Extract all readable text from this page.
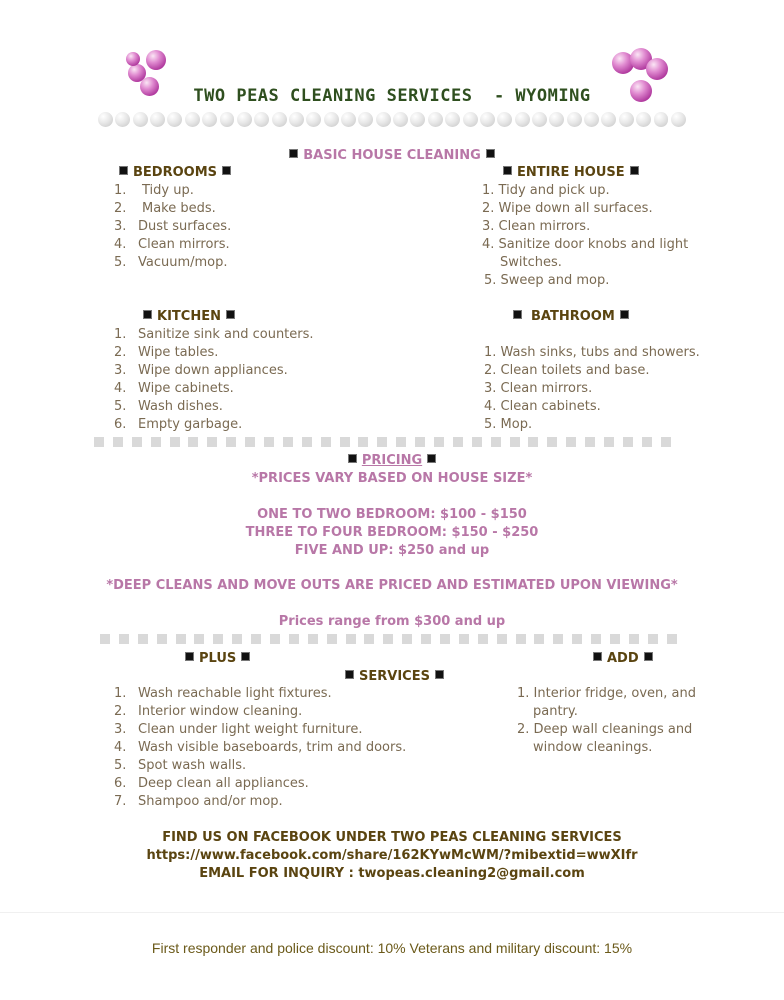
TWO PEAS CLEANING SERVICES  - WYOMING
BASIC HOUSE CLEANING
BEDROOMS
1. Tidy up.
2. Make beds.
3. Dust surfaces.
4. Clean mirrors.
5. Vacuum/mop.
ENTIRE HOUSE
1. Tidy and pick up.
2. Wipe down all surfaces.
3. Clean mirrors.
4. Sanitize door knobs and light
Switches.
5. Sweep and mop.
KITCHEN
1. Sanitize sink and counters.
2. Wipe tables.
3. Wipe down appliances.
4. Wipe cabinets.
5. Wash dishes.
6. Empty garbage.
BATHROOM
1. Wash sinks, tubs and showers.
2. Clean toilets and base.
3. Clean mirrors.
4. Clean cabinets.
5. Mop.
PRICING
*PRICES VARY BASED ON HOUSE SIZE*
ONE TO TWO BEDROOM: $100 - $150
THREE TO FOUR BEDROOM: $150 - $250
FIVE AND UP: $250 and up
*DEEP CLEANS AND MOVE OUTS ARE PRICED AND ESTIMATED UPON VIEWING*
Prices range from $300 and up
PLUS	ADD
SERVICES
1. Wash reachable light fixtures.
2. Interior window cleaning.
3. Clean under light weight furniture.
4. Wash visible baseboards, trim and doors.
5. Spot wash walls.
6. Deep clean all appliances.
7. Shampoo and/or mop.
1. Interior fridge, oven, and
pantry.
2. Deep wall cleanings and
window cleanings.
FIND US ON FACEBOOK UNDER TWO PEAS CLEANING SERVICES
https://www.facebook.com/share/162KYwMcWM/?mibextid=wwXIfr
EMAIL FOR INQUIRY : twopeas.cleaning2@gmail.com
First responder and police discount: 10% Veterans and military discount: 15%
